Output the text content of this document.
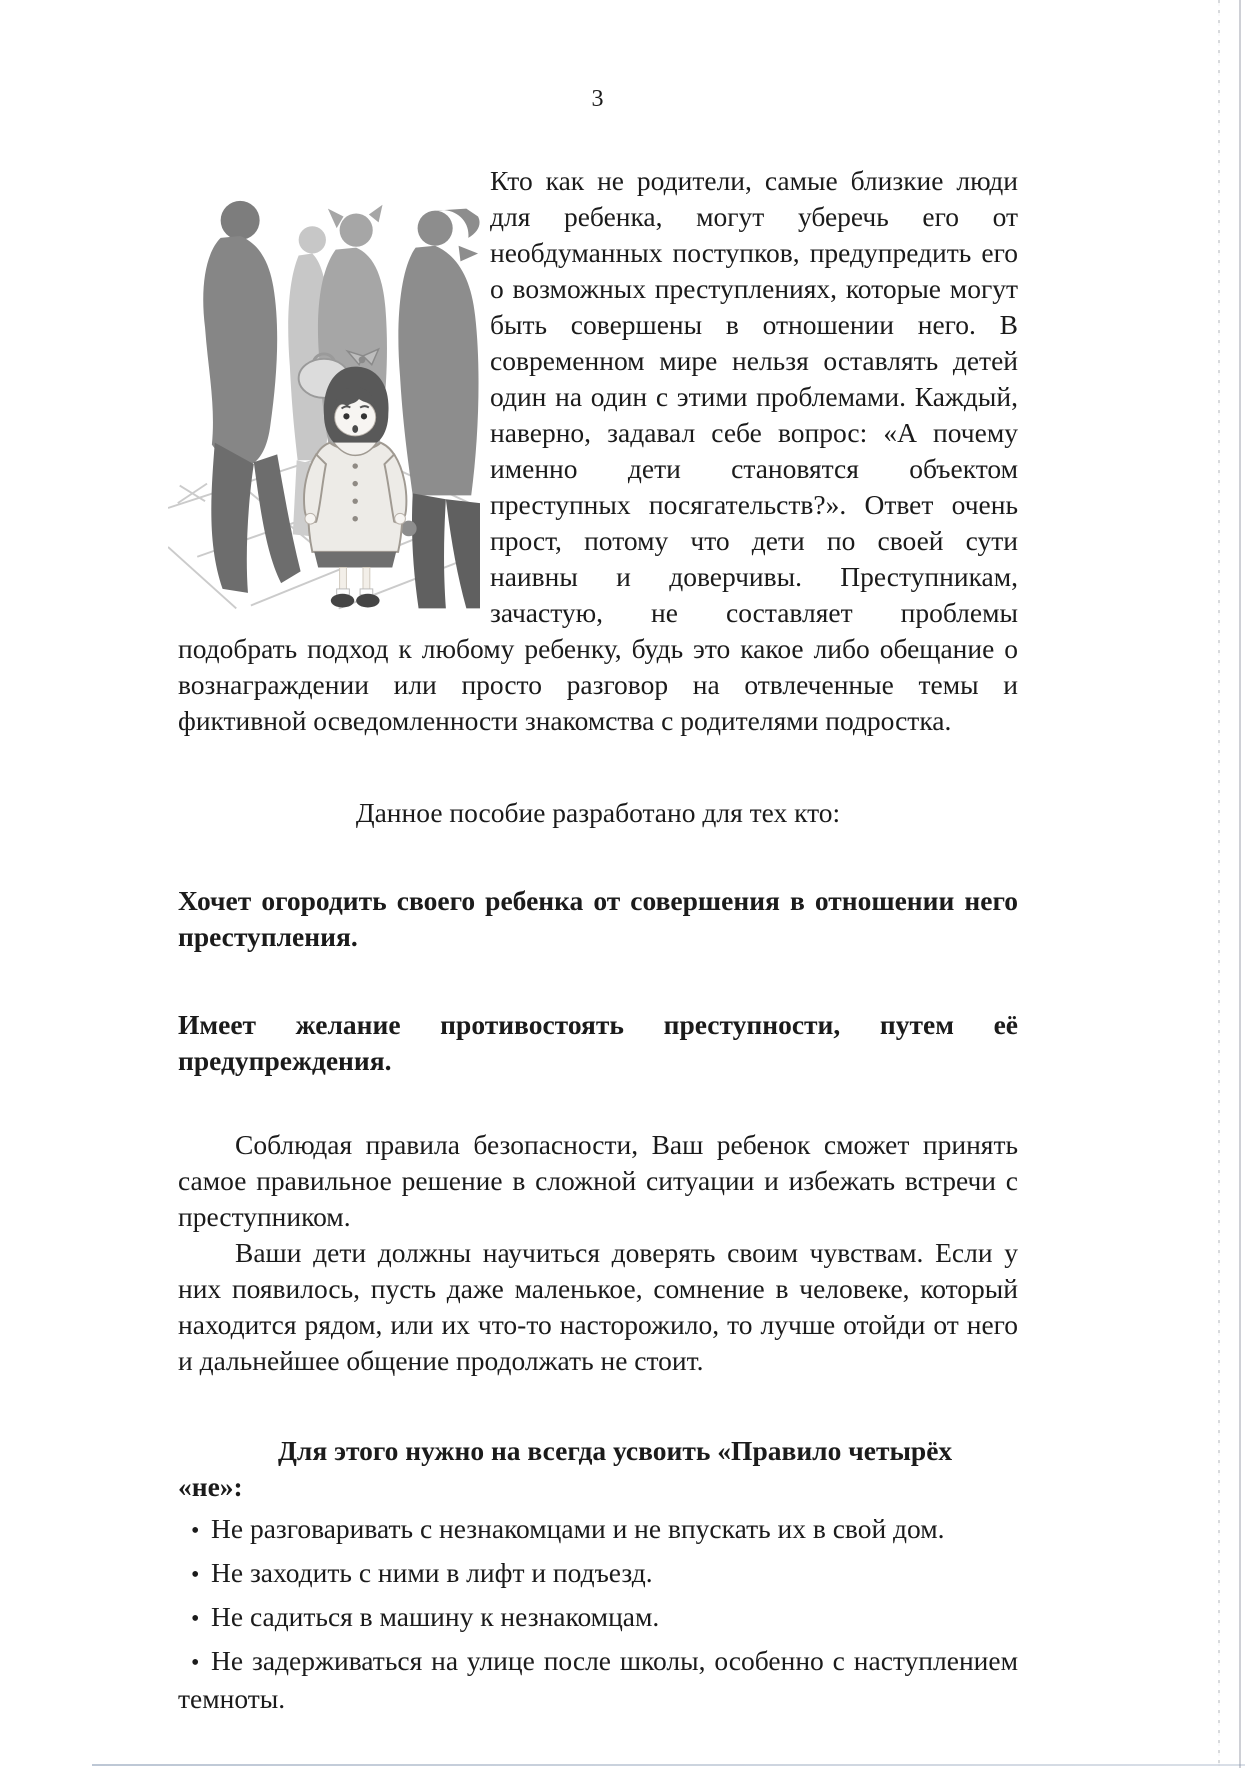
3

Кто как не родители, самые близкие люди для ребенка, могут уберечь его от необдуманных поступков, предупредить его о возможных преступлениях, которые могут быть совершены в отношении него. В современном мире нельзя оставлять детей один на один с этими проблемами. Каждый, наверно, задавал себе вопрос: «А почему именно дети становятся объектом преступных посягательств?». Ответ очень прост, потому что дети по своей сути наивны и доверчивы. Преступникам, зачастую, не составляет проблемы подобрать подход к любому ребенку, будь это какое либо обещание о вознаграждении или просто разговор на отвлеченные темы и фиктивной осведомленности знакомства с родителями подростка.

Данное пособие разработано для тех кто:

Хочет огородить своего ребенка от совершения в отношении него преступления.

Имеет желание противостоять преступности, путем её предупреждения.

Соблюдая правила безопасности, Ваш ребенок сможет принять самое правильное решение в сложной ситуации и избежать встречи с преступником.

Ваши дети должны научиться доверять своим чувствам. Если у них появилось, пусть даже маленькое, сомнение в человеке, который находится рядом, или их что-то насторожило, то лучше отойди от него и дальнейшее общение продолжать не стоит.

Для этого нужно на всегда усвоить «Правило четырёх «не»:

• Не разговаривать с незнакомцами и не впускать их в свой дом.
• Не заходить с ними в лифт и подъезд.
• Не садиться в машину к незнакомцам.
• Не задерживаться на улице после школы, особенно с наступлением темноты.
